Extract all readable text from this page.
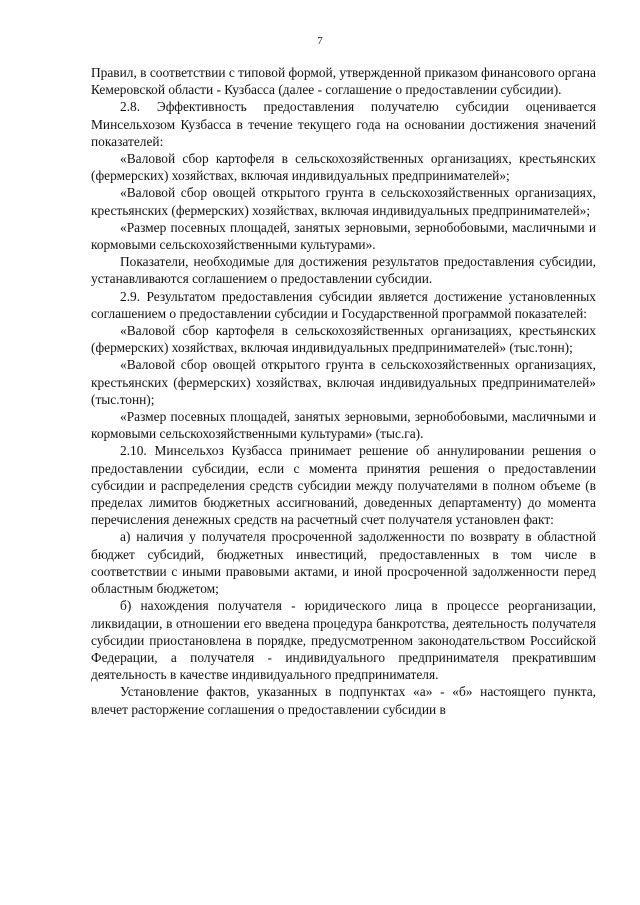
7

Правил, в соответствии с типовой формой, утвержденной приказом финансового органа Кемеровской области - Кузбасса (далее - соглашение о предоставлении субсидии).

2.8. Эффективность предоставления получателю субсидии оценивается Минсельхозом Кузбасса в течение текущего года на основании достижения значений показателей:

«Валовой сбор картофеля в сельскохозяйственных организациях, крестьянских (фермерских) хозяйствах, включая индивидуальных предпринимателей»;

«Валовой сбор овощей открытого грунта в сельскохозяйственных организациях, крестьянских (фермерских) хозяйствах, включая индивидуальных предпринимателей»;

«Размер посевных площадей, занятых зерновыми, зернобобовыми, масличными и кормовыми сельскохозяйственными культурами».

Показатели, необходимые для достижения результатов предоставления субсидии, устанавливаются соглашением о предоставлении субсидии.

2.9. Результатом предоставления субсидии является достижение установленных соглашением о предоставлении субсидии и Государственной программой показателей:

«Валовой сбор картофеля в сельскохозяйственных организациях, крестьянских (фермерских) хозяйствах, включая индивидуальных предпринимателей» (тыс.тонн);

«Валовой сбор овощей открытого грунта в сельскохозяйственных организациях, крестьянских (фермерских) хозяйствах, включая индивидуальных предпринимателей» (тыс.тонн);

«Размер посевных площадей, занятых зерновыми, зернобобовыми, масличными и кормовыми сельскохозяйственными культурами» (тыс.га).

2.10. Минсельхоз Кузбасса принимает решение об аннулировании решения о предоставлении субсидии, если с момента принятия решения о предоставлении субсидии и распределения средств субсидии между получателями в полном объеме (в пределах лимитов бюджетных ассигнований, доведенных департаменту) до момента перечисления денежных средств на расчетный счет получателя установлен факт:

а) наличия у получателя просроченной задолженности по возврату в областной бюджет субсидий, бюджетных инвестиций, предоставленных в том числе в соответствии с иными правовыми актами, и иной просроченной задолженности перед областным бюджетом;

б) нахождения получателя - юридического лица в процессе реорганизации, ликвидации, в отношении его введена процедура банкротства, деятельность получателя субсидии приостановлена в порядке, предусмотренном законодательством Российской Федерации, а получателя - индивидуального предпринимателя прекратившим деятельность в качестве индивидуального предпринимателя.

Установление фактов, указанных в подпунктах «а» - «б» настоящего пункта, влечет расторжение соглашения о предоставлении субсидии в
